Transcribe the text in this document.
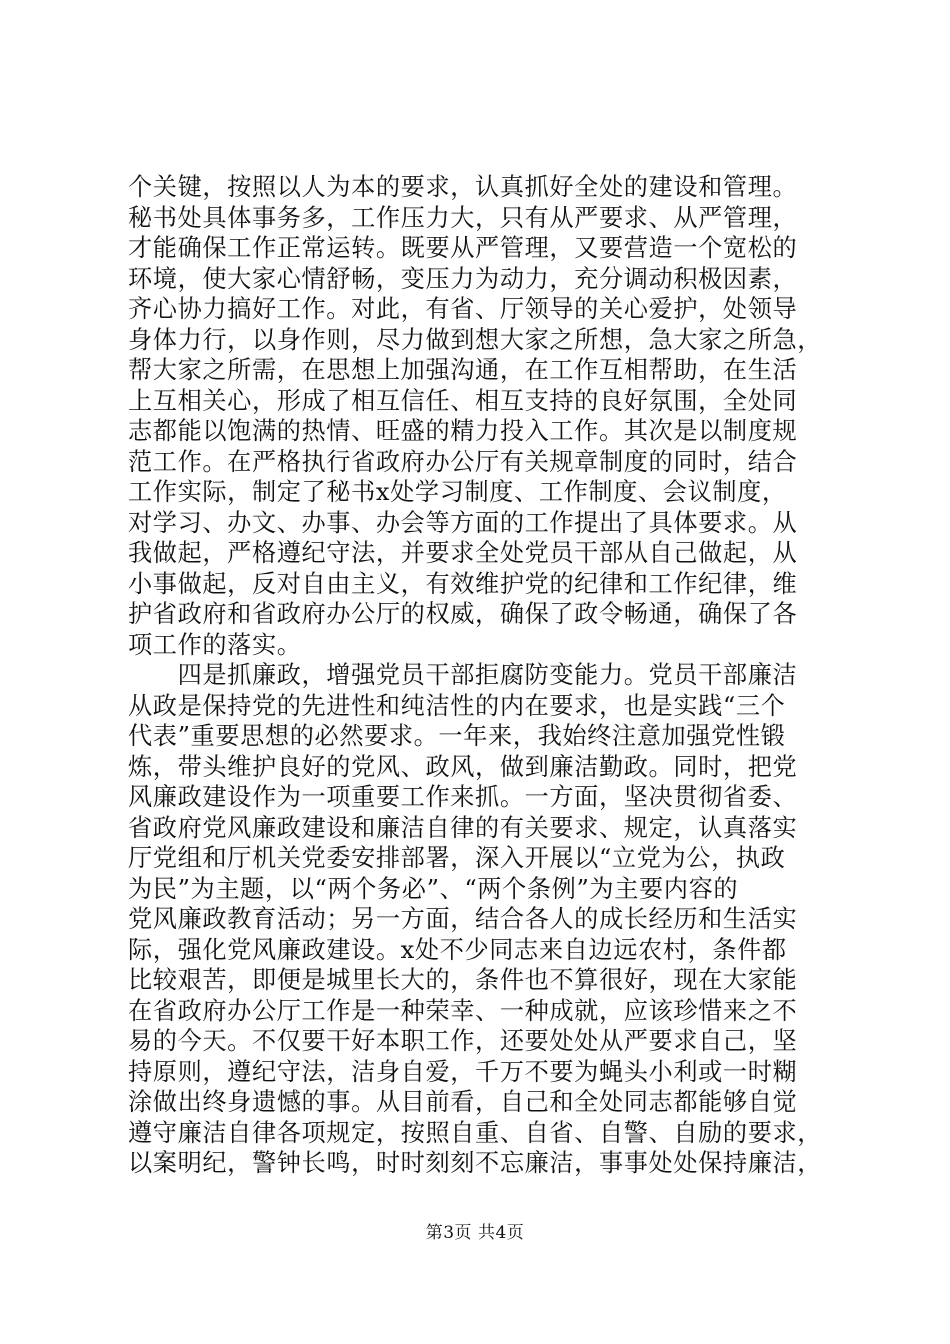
个关键，按照以人为本的要求，认真抓好全处的建设和管理。
秘书处具体事务多，工作压力大，只有从严要求、从严管理，
才能确保工作正常运转。既要从严管理，又要营造一个宽松的
环境，使大家心情舒畅，变压力为动力，充分调动积极因素，
齐心协力搞好工作。对此，有省、厅领导的关心爱护，处领导
身体力行，以身作则，尽力做到想大家之所想，急大家之所急，
帮大家之所需，在思想上加强沟通，在工作互相帮助，在生活
上互相关心，形成了相互信任、相互支持的良好氛围，全处同
志都能以饱满的热情、旺盛的精力投入工作。其次是以制度规
范工作。在严格执行省政府办公厅有关规章制度的同时，结合
工作实际，制定了秘书x处学习制度、工作制度、会议制度，
对学习、办文、办事、办会等方面的工作提出了具体要求。从
我做起，严格遵纪守法，并要求全处党员干部从自己做起，从
小事做起，反对自由主义，有效维护党的纪律和工作纪律，维
护省政府和省政府办公厅的权威，确保了政令畅通，确保了各
项工作的落实。
　　四是抓廉政，增强党员干部拒腐防变能力。党员干部廉洁
从政是保持党的先进性和纯洁性的内在要求，也是实践“三个
代表”重要思想的必然要求。一年来，我始终注意加强党性锻
炼，带头维护良好的党风、政风，做到廉洁勤政。同时，把党
风廉政建设作为一项重要工作来抓。一方面，坚决贯彻省委、
省政府党风廉政建设和廉洁自律的有关要求、规定，认真落实
厅党组和厅机关党委安排部署，深入开展以“立党为公，执政
为民”为主题，以“两个务必”、“两个条例”为主要内容的
党风廉政教育活动；另一方面，结合各人的成长经历和生活实
际，强化党风廉政建设。x处不少同志来自边远农村，条件都
比较艰苦，即便是城里长大的，条件也不算很好，现在大家能
在省政府办公厅工作是一种荣幸、一种成就，应该珍惜来之不
易的今天。不仅要干好本职工作，还要处处从严要求自己，坚
持原则，遵纪守法，洁身自爱，千万不要为蝇头小利或一时糊
涂做出终身遗憾的事。从目前看，自己和全处同志都能够自觉
遵守廉洁自律各项规定，按照自重、自省、自警、自励的要求，
以案明纪，警钟长鸣，时时刻刻不忘廉洁，事事处处保持廉洁，
第3页 共4页
